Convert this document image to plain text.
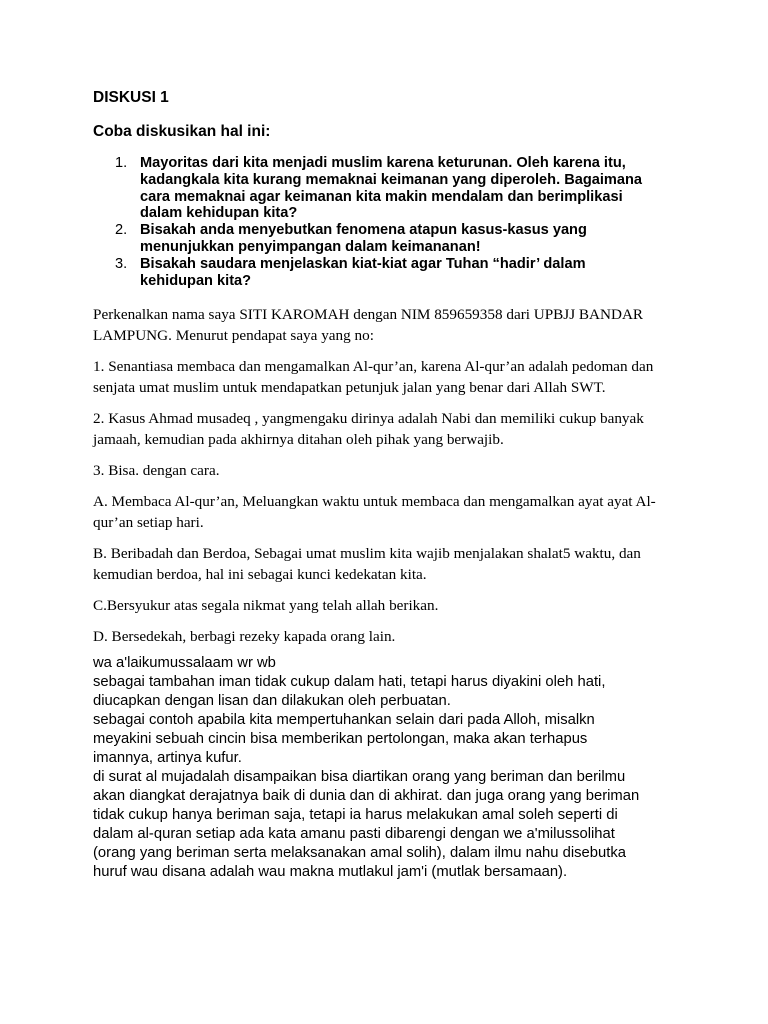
DISKUSI 1
Coba diskusikan hal ini:
1. Mayoritas dari kita menjadi muslim karena keturunan. Oleh karena itu,
kadangkala kita kurang memaknai keimanan yang diperoleh. Bagaimana
cara memaknai agar keimanan kita makin mendalam dan berimplikasi
dalam kehidupan kita?
2. Bisakah anda menyebutkan fenomena atapun kasus-kasus yang
menunjukkan penyimpangan dalam keimananan!
3. Bisakah saudara menjelaskan kiat-kiat agar Tuhan “hadir’ dalam
kehidupan kita?

Perkenalkan nama saya SITI KAROMAH dengan NIM 859659358 dari UPBJJ BANDAR
LAMPUNG. Menurut pendapat saya yang no:

1. Senantiasa membaca dan mengamalkan Al-qur’an, karena Al-qur’an adalah pedoman dan
senjata umat muslim untuk mendapatkan petunjuk jalan yang benar dari Allah SWT.

2. Kasus Ahmad musadeq , yangmengaku dirinya adalah Nabi dan memiliki cukup banyak
jamaah, kemudian pada akhirnya ditahan oleh pihak yang berwajib.

3. Bisa. dengan cara.

A. Membaca Al-qur’an, Meluangkan waktu untuk membaca dan mengamalkan ayat ayat Al-
qur’an setiap hari.

B. Beribadah dan Berdoa, Sebagai umat muslim kita wajib menjalakan shalat5 waktu, dan
kemudian berdoa, hal ini sebagai kunci kedekatan kita.

C.Bersyukur atas segala nikmat yang telah allah berikan.

D. Bersedekah, berbagi rezeky kapada orang lain.

wa a'laikumussalaam wr wb
sebagai tambahan iman tidak cukup dalam hati, tetapi harus diyakini oleh hati,
diucapkan dengan lisan dan dilakukan oleh perbuatan.
sebagai contoh apabila kita mempertuhankan selain dari pada Alloh, misalkn
meyakini sebuah cincin bisa memberikan pertolongan, maka akan terhapus
imannya, artinya kufur.
di surat al mujadalah disampaikan bisa diartikan orang yang beriman dan berilmu
akan diangkat derajatnya baik di dunia dan di akhirat. dan juga orang yang beriman
tidak cukup hanya beriman saja, tetapi ia harus melakukan amal soleh seperti di
dalam al-quran setiap ada kata amanu pasti dibarengi dengan we a'milussolihat
(orang yang beriman serta melaksanakan amal solih), dalam ilmu nahu disebutka
huruf wau disana adalah wau makna mutlakul jam'i (mutlak bersamaan).
